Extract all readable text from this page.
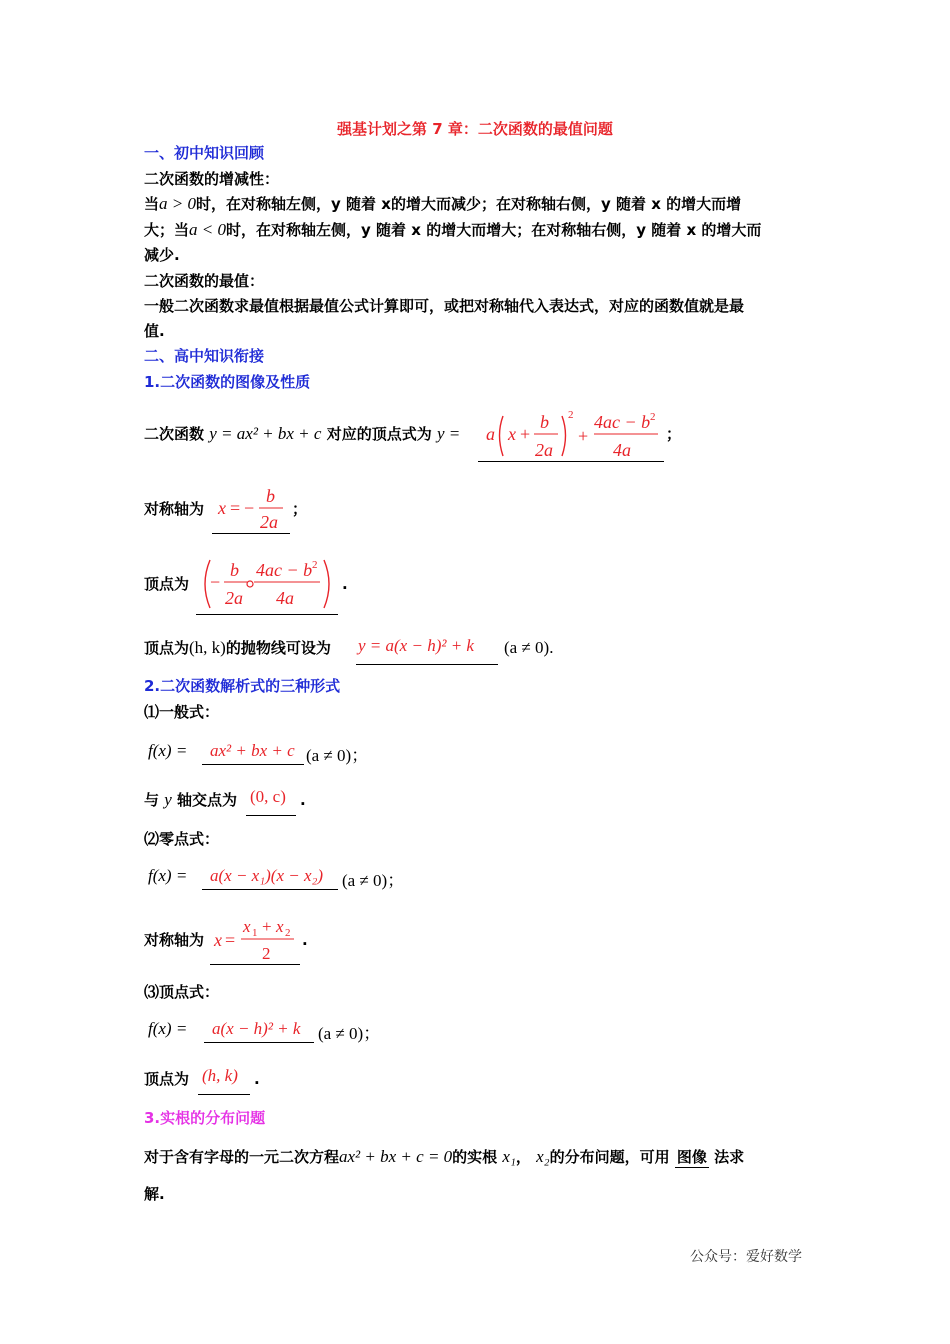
强基计划之第 7 章：二次函数的最值问题
一、初中知识回顾
二次函数的增减性：
当a > 0时，在对称轴左侧，y 随着 x的增大而减少；在对称轴右侧，y 随着 x 的增大而增
大；当a < 0时，在对称轴左侧，y 随着 x 的增大而增大；在对称轴右侧，y 随着 x 的增大而
减少.
二次函数的最值：
一般二次函数求最值根据最值公式计算即可，或把对称轴代入表达式，对应的函数值就是最
值.
二、高中知识衔接
1.二次函数的图像及性质
二次函数 y = ax² + bx + c 对应的顶点式为 y = a x +
b
2a
2
+
4ac − b 2
4a
；
对称轴为 x = −
b
2a
；
顶点为 −
b
2a
4ac − b 2
4a
.
顶点为(h, k)的抛物线可设为 y = a(x − h)² + k (a ≠ 0).
2.二次函数解析式的三种形式
⑴一般式：
f(x) = ax² + bx + c (a ≠ 0)；
与 y 轴交点为 (0, c) .
⑵零点式：
f(x) = a(x − x₁)(x − x₂) (a ≠ 0)；
对称轴为 x =
x 1 + x 2
2
.
⑶顶点式：
f(x) = a(x − h)² + k (a ≠ 0)；
顶点为 (h, k) .
3.实根的分布问题
对于含有字母的一元二次方程ax² + bx + c = 0的实根 x₁， x₂的分布问题，可用 图像 法求
解.
公众号：爱好数学
